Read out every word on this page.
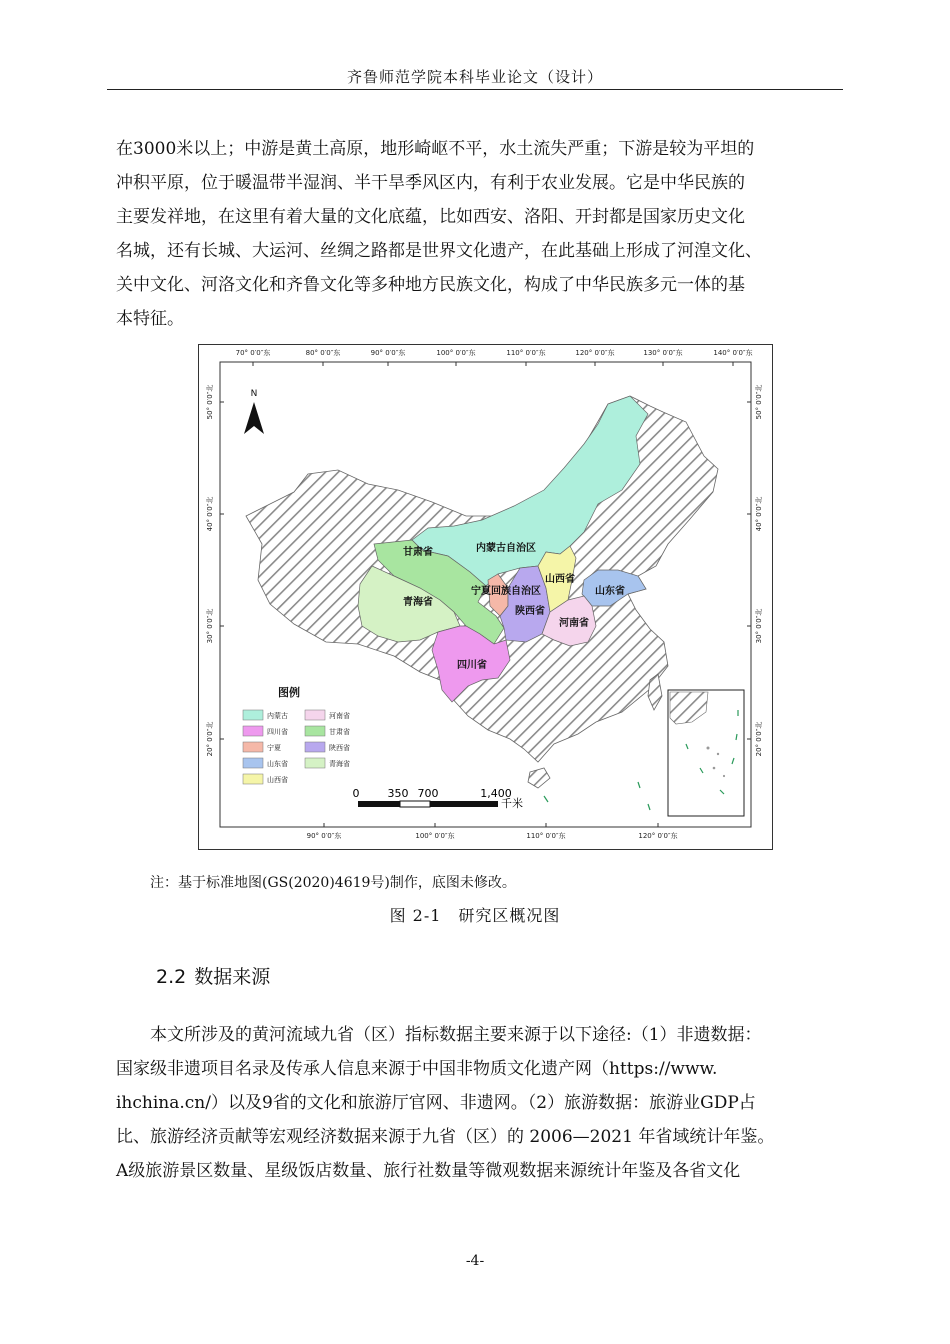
齐鲁师范学院本科毕业论文（设计）
在3000米以上；中游是黄土高原，地形崎岖不平，水土流失严重；下游是较为平坦的
冲积平原，位于暖温带半湿润、半干旱季风区内，有利于农业发展。它是中华民族的
主要发祥地，在这里有着大量的文化底蕴，比如西安、洛阳、开封都是国家历史文化
名城，还有长城、大运河、丝绸之路都是世界文化遗产，在此基础上形成了河湟文化、
关中文化、河洛文化和齐鲁文化等多种地方民族文化，构成了中华民族多元一体的基
本特征。
70° 0′0″东	80° 0′0″东	90° 0′0″东	100° 0′0″东	110° 0′0″东	120° 0′0″东	130° 0′0″东	140° 0′0″东
90° 0′0″东	100° 0′0″东	110° 0′0″东	120° 0′0″东
50° 0′0″北
40° 0′0″北
30° 0′0″北
20° 0′0″北
50° 0′0″北
40° 0′0″北
30° 0′0″北
20° 0′0″北
内蒙古自治区
甘肃省
青海省
宁夏回族自治区
山西省
陕西省
山东省
河南省
四川省
N
图例
内蒙古	河南省
四川省	甘肃省
宁夏	陕西省
山东省	青海省
山西省
0	350 700	1,400
千米
注：基于标准地图(GS(2020)4619号)制作，底图未修改。
图 2-1　研究区概况图
2.2 数据来源
本文所涉及的黄河流域九省（区）指标数据主要来源于以下途径:（1）非遗数据：
国家级非遗项目名录及传承人信息来源于中国非物质文化遗产网（https://www.
ihchina.cn/）以及9省的文化和旅游厅官网、非遗网。（2）旅游数据：旅游业GDP占
比、旅游经济贡献等宏观经济数据来源于九省（区）的 2006—2021 年省域统计年鉴。
A级旅游景区数量、星级饭店数量、旅行社数量等微观数据来源统计年鉴及各省文化
-4-
